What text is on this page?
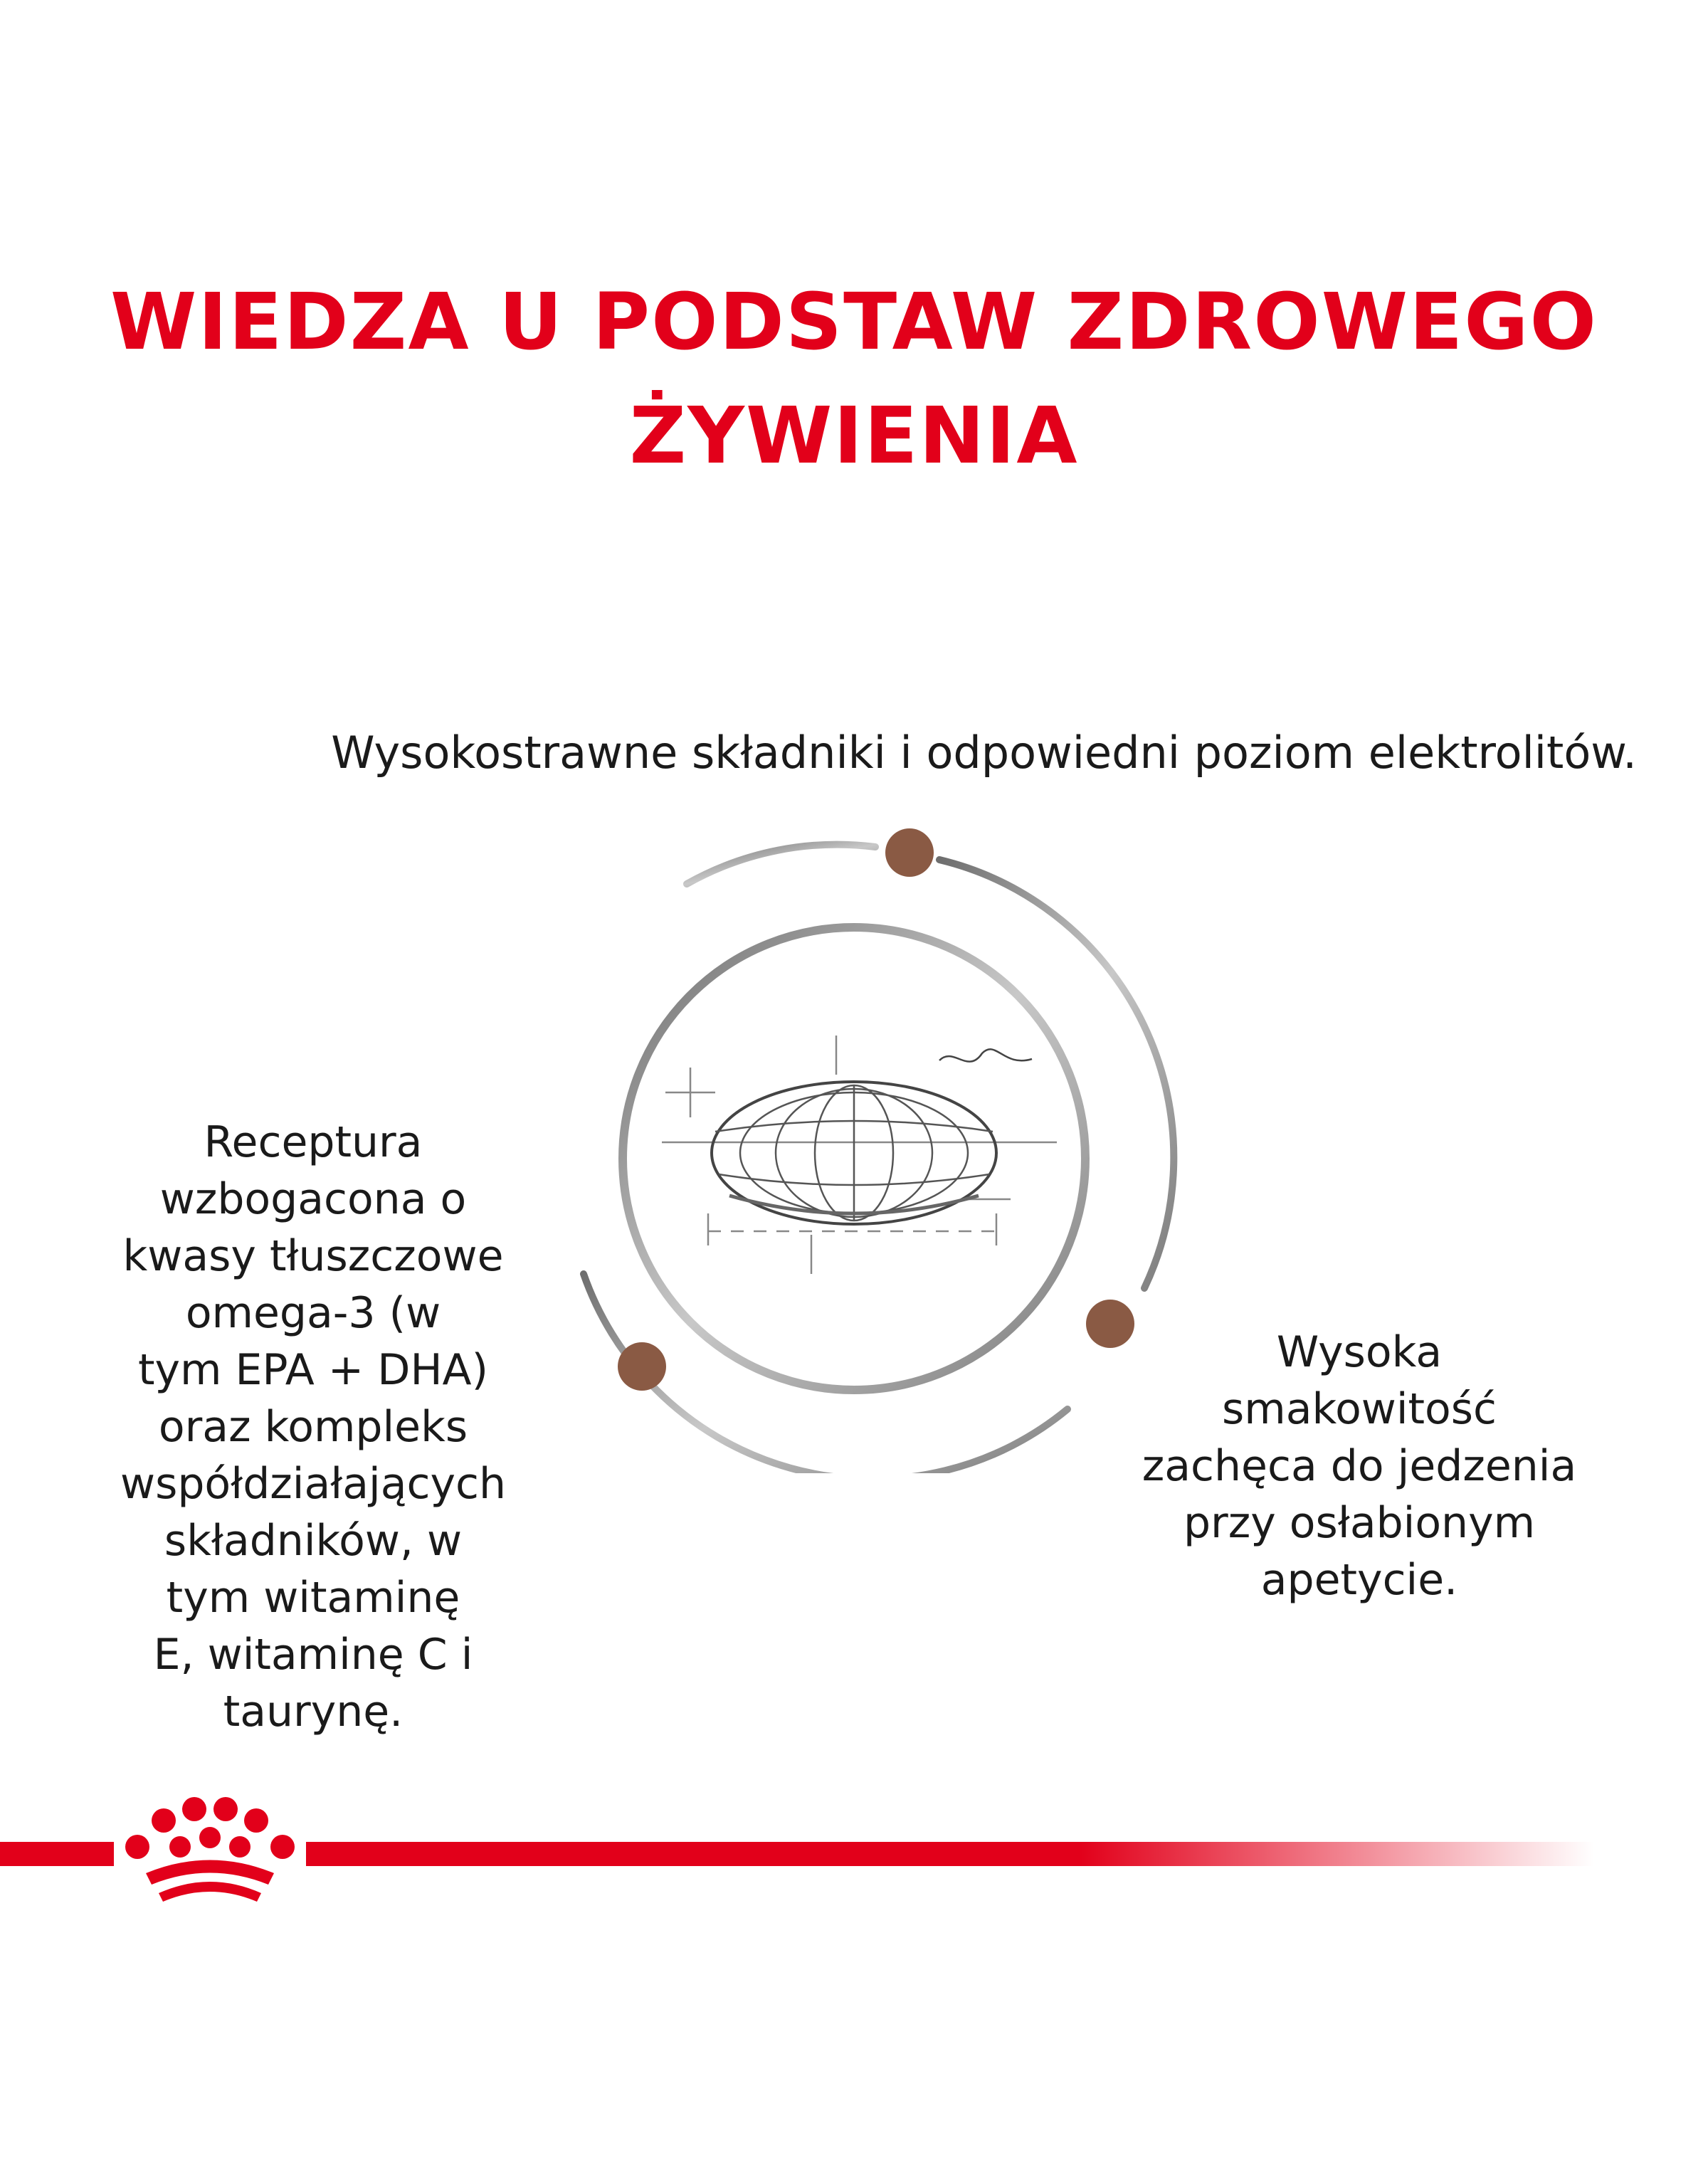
WIEDZA U PODSTAW ZDROWEGO
ŻYWIENIA
Wysokostrawne składniki i odpowiedni poziom elektrolitów.
Receptura
wzbogacona o
kwasy tłuszczowe
omega-3 (w
tym EPA + DHA)
oraz kompleks
współdziałających
składników, w
tym witaminę
E, witaminę C i
taurynę.
Wysoka
smakowitość
zachęca do jedzenia
przy osłabionym
apetycie.
